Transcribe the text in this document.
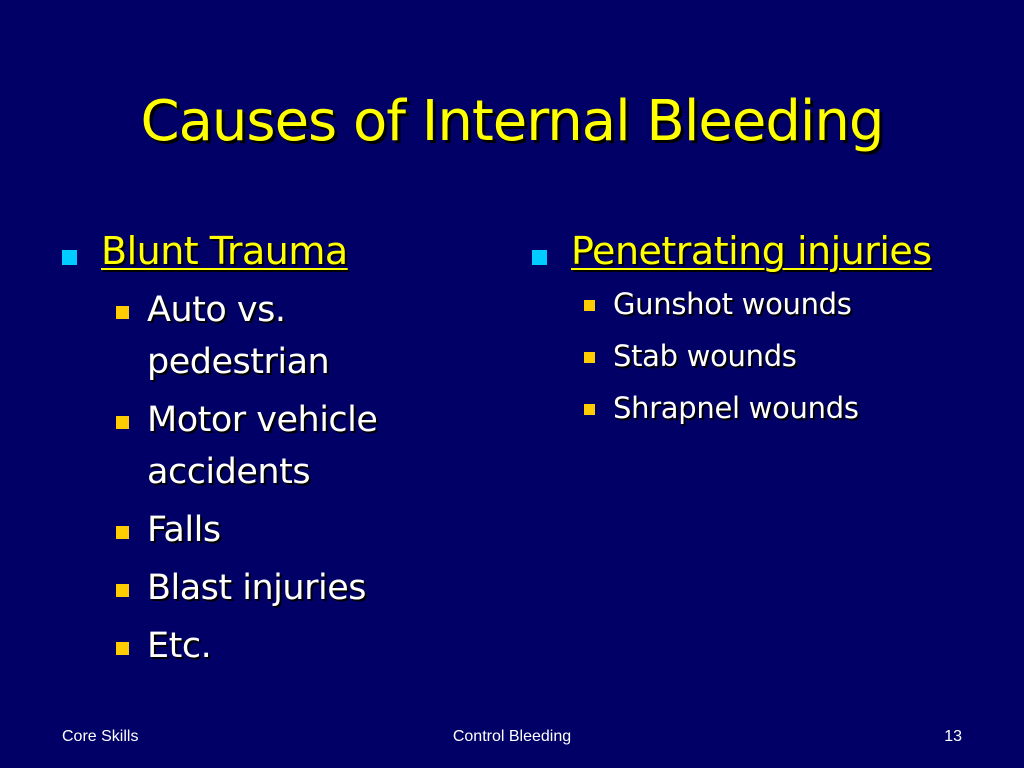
Causes of Internal Bleeding
Blunt Trauma
Auto vs. pedestrian
Motor vehicle accidents
Falls
Blast injuries
Etc.
Penetrating injuries
Gunshot wounds
Stab wounds
Shrapnel wounds
Control Bleeding
Core Skills	13
